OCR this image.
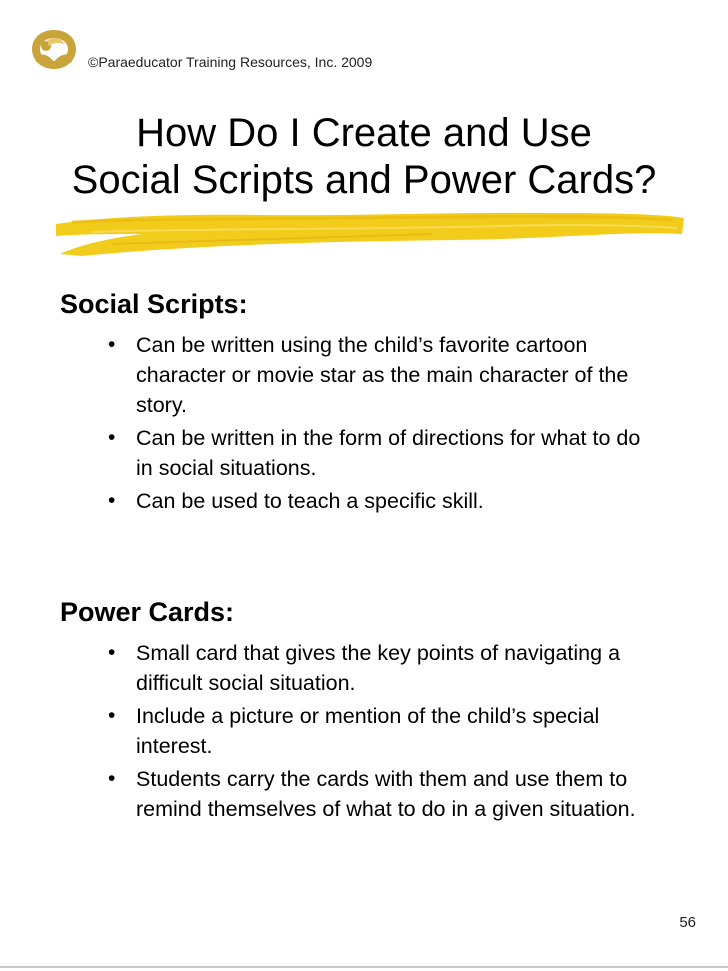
©Paraeducator Training Resources, Inc. 2009
How Do I Create and Use
Social Scripts and Power Cards?
Social Scripts:
• Can be written using the child’s favorite cartoon character or movie star as the main character of the story.
• Can be written in the form of directions for what to do in social situations.
• Can be used to teach a specific skill.
Power Cards:
• Small card that gives the key points of navigating a difficult social situation.
• Include a picture or mention of the child’s special interest.
• Students carry the cards with them and use them to remind themselves of what to do in a given situation.
56
